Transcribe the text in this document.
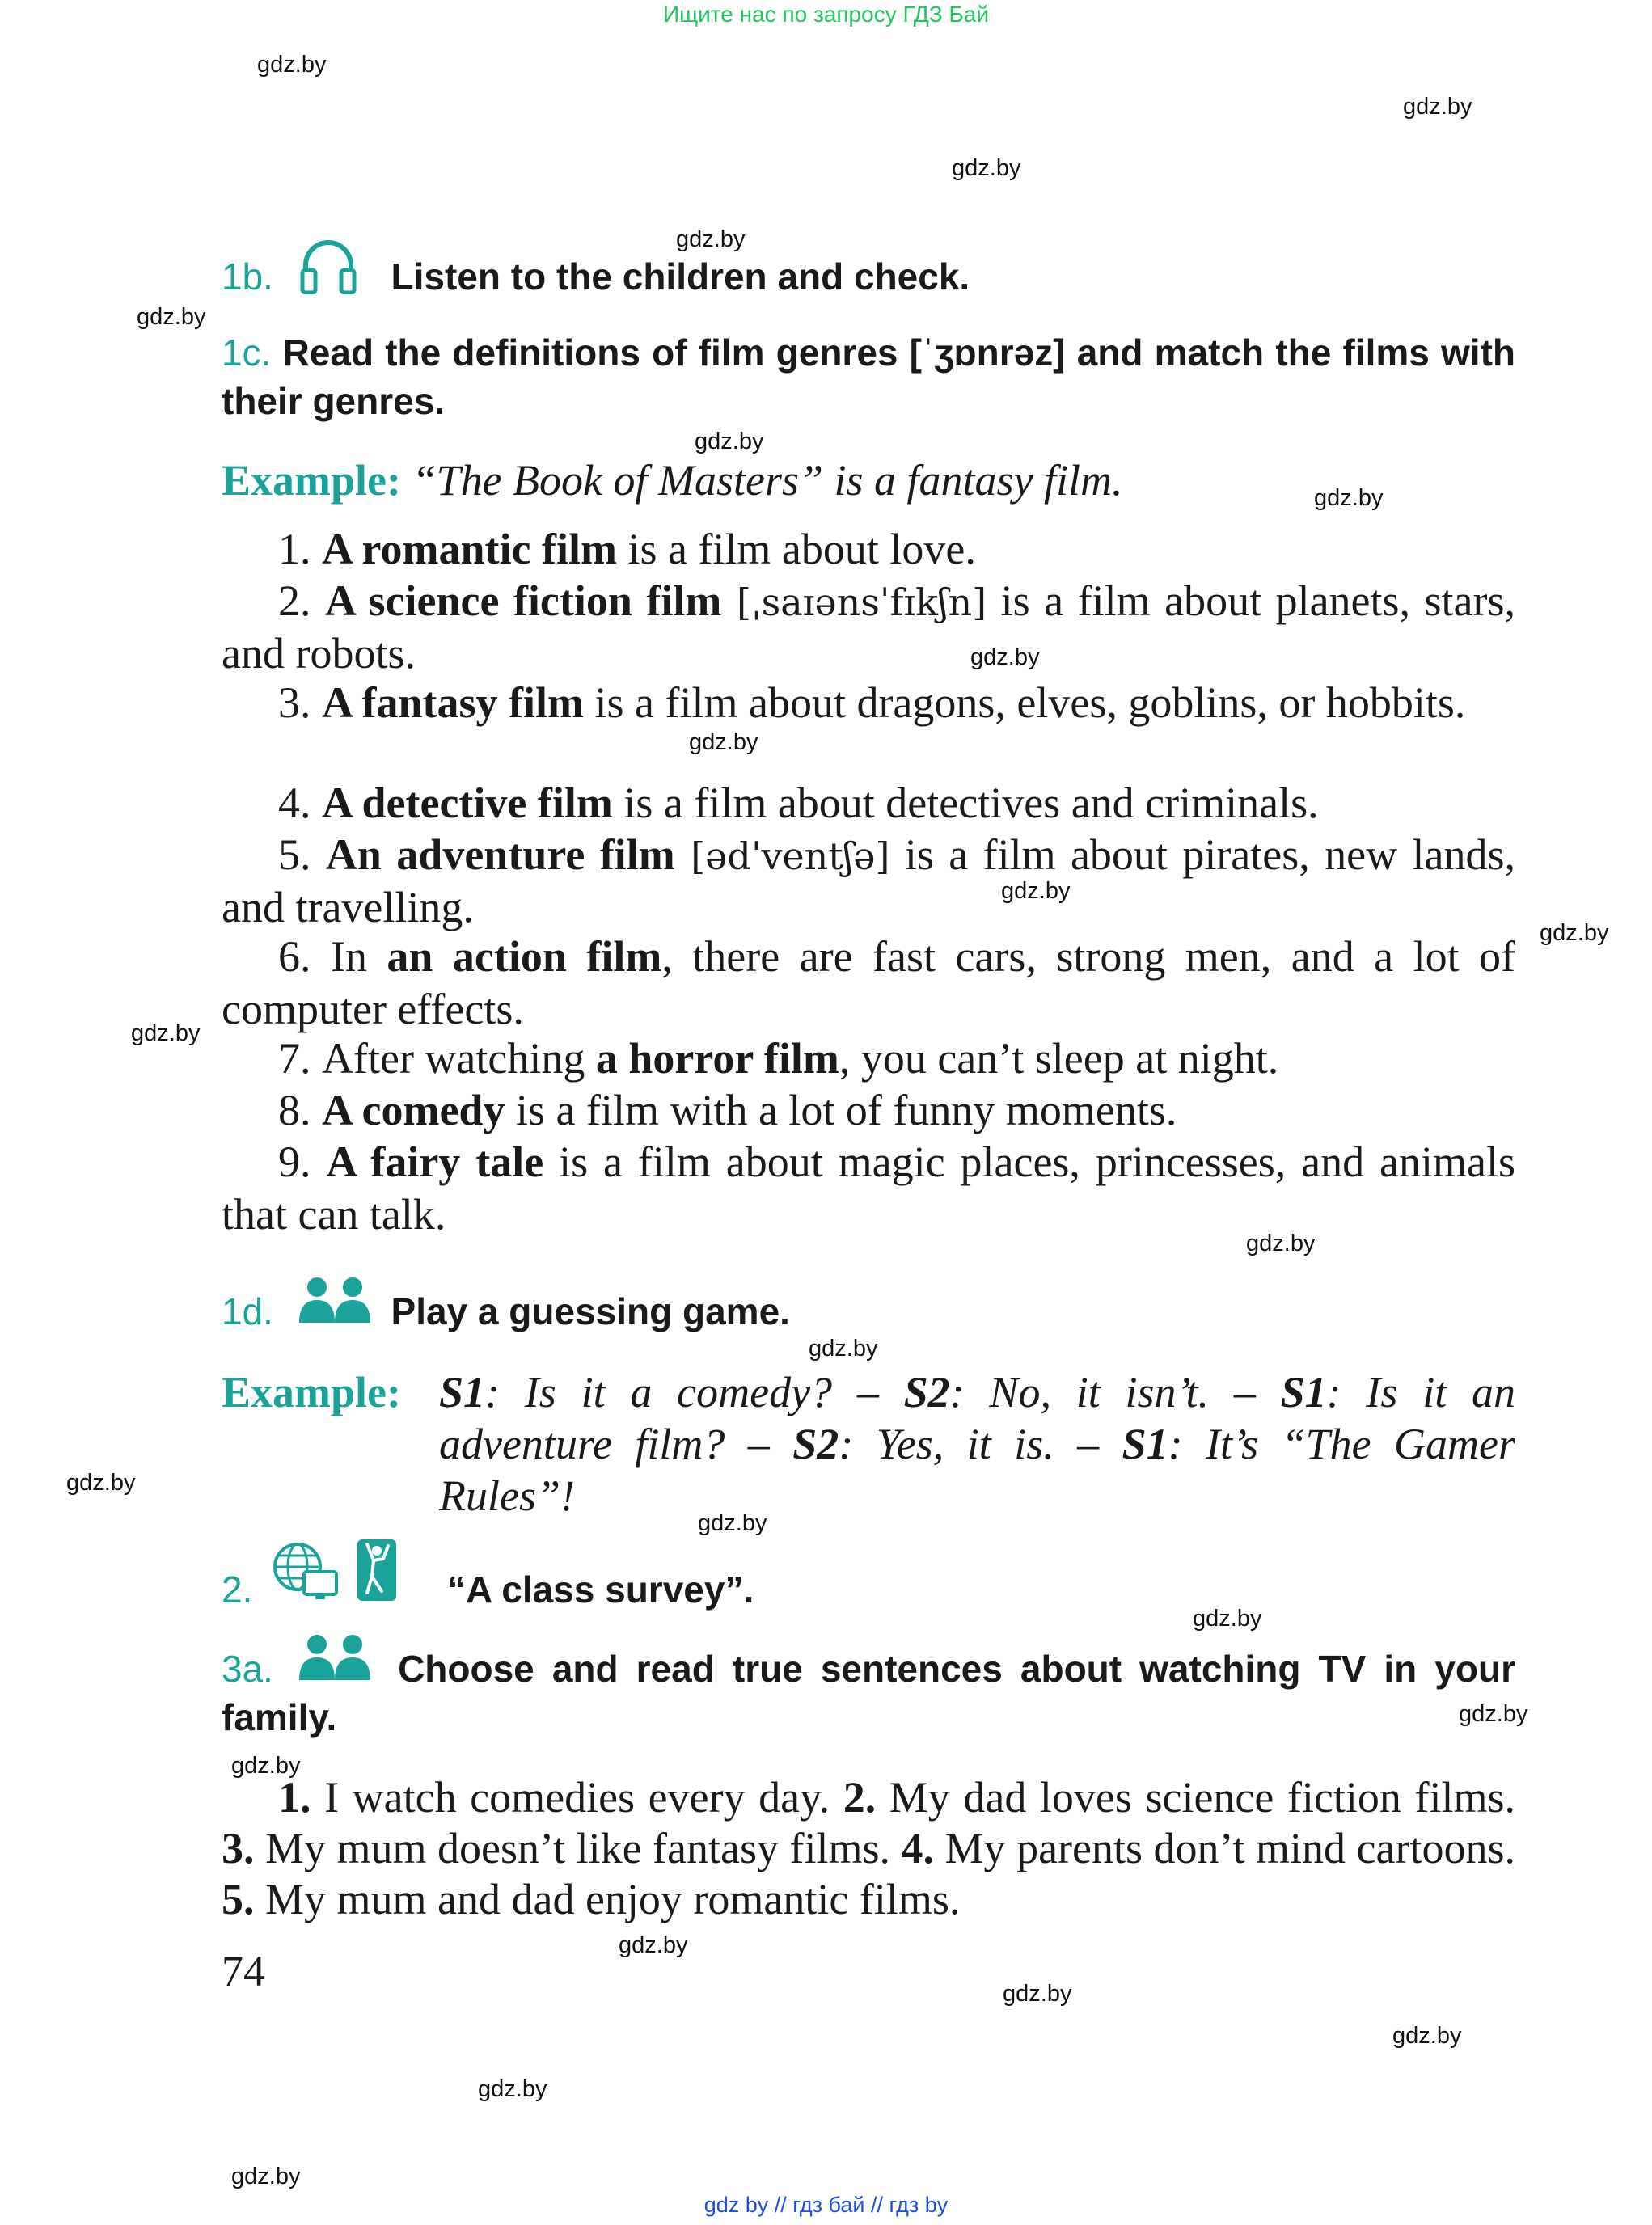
Ищите нас по запросу ГДЗ Бай
gdz.by
gdz.by
gdz.by
gdz.by
gdz.by
gdz.by
gdz.by
gdz.by
gdz.by
gdz.by
gdz.by
gdz.by
gdz.by
gdz.by
gdz.by
gdz.by
gdz.by
gdz.by
gdz.by
gdz.by
gdz.by
gdz.by
gdz.by
gdz.by
1b.	Listen to the children and check.
1c. Read the definitions of film genres [ˈʒɒnrəz] and match the films with their genres.
Example: “The Book of Masters” is a fantasy film.
1. A romantic film is a film about love.
2. A science fiction film [ˌsaɪənsˈfɪkʃn] is a film about planets, stars, and robots.
3. A fantasy film is a film about dragons, elves, goblins, or hobbits.
4. A detective film is a film about detectives and criminals.
5. An adventure film [ədˈventʃə] is a film about pirates, new lands, and travelling.
6. In an action film, there are fast cars, strong men, and a lot of computer effects.
7. After watching a horror film, you can’t sleep at night.
8. A comedy is a film with a lot of funny moments.
9. A fairy tale is a film about magic places, princesses, and animals that can talk.
1d.	Play a guessing game.
Example: S1: Is it a comedy? – S2: No, it isn’t. – S1: Is it an
adventure film? – S2: Yes, it is. – S1: It’s “The Gamer
Rules”!
2.	“A class survey”.
3a.	Choose and read true sentences about watching TV in your family.
1. I watch comedies every day. 2. My dad loves science fiction films. 3. My mum doesn’t like fantasy films. 4. My parents don’t mind cartoons. 5. My mum and dad enjoy romantic films.
74
gdz by // гдз бай // гдз by
